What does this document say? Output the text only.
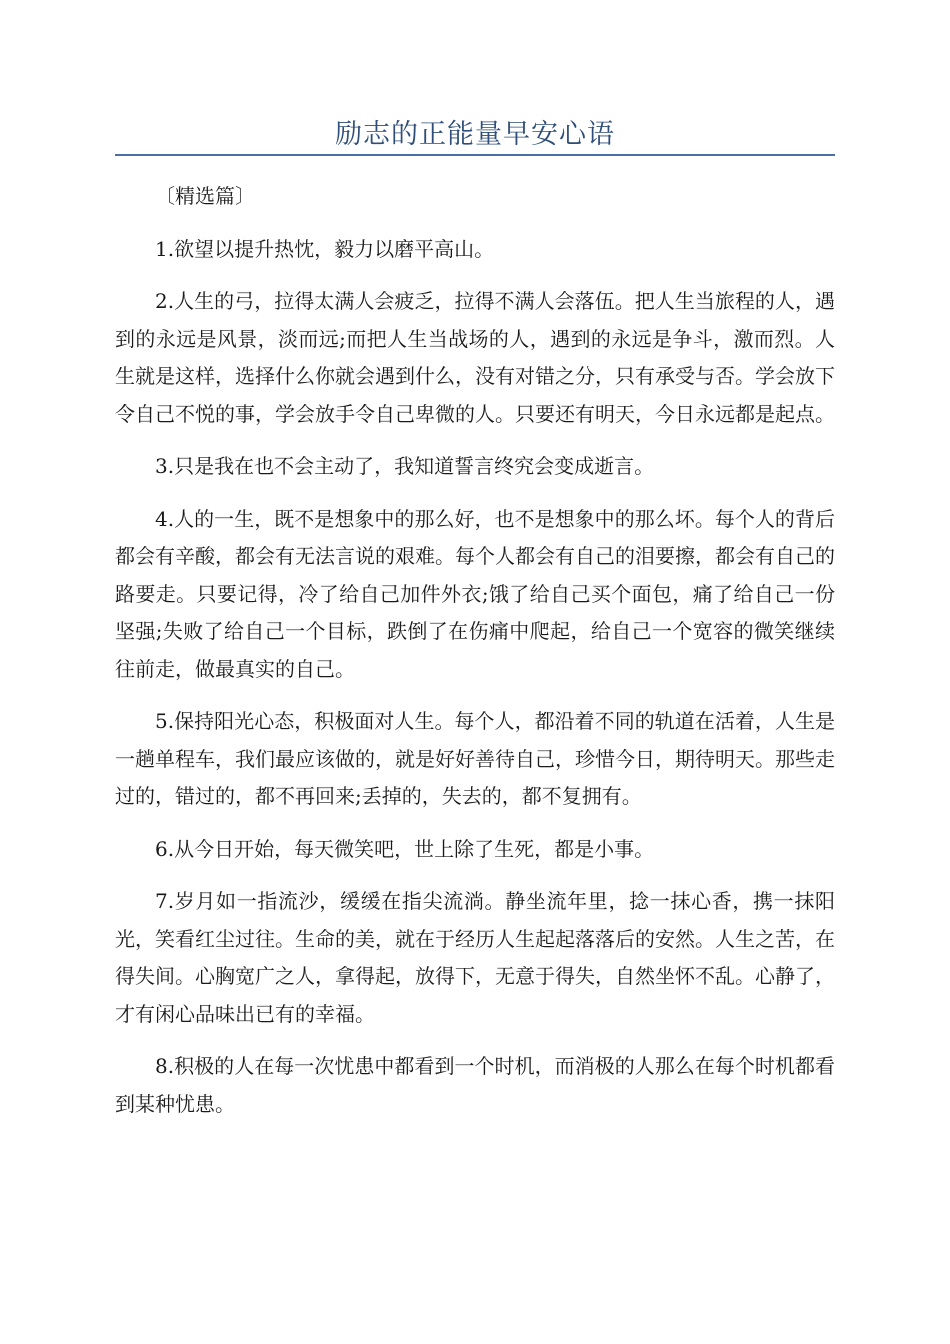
励志的正能量早安心语

〔精选篇〕

1.欲望以提升热忱，毅力以磨平高山。

2.人生的弓，拉得太满人会疲乏，拉得不满人会落伍。把人生当旅程的人，遇到的永远是风景，淡而远;而把人生当战场的人，遇到的永远是争斗，激而烈。人生就是这样，选择什么你就会遇到什么，没有对错之分，只有承受与否。学会放下令自己不悦的事，学会放手令自己卑微的人。只要还有明天，今日永远都是起点。

3.只是我在也不会主动了，我知道誓言终究会变成逝言。

4.人的一生，既不是想象中的那么好，也不是想象中的那么坏。每个人的背后都会有辛酸，都会有无法言说的艰难。每个人都会有自己的泪要擦，都会有自己的路要走。只要记得，冷了给自己加件外衣;饿了给自己买个面包，痛了给自己一份坚强;失败了给自己一个目标，跌倒了在伤痛中爬起，给自己一个宽容的微笑继续往前走，做最真实的自己。

5.保持阳光心态，积极面对人生。每个人，都沿着不同的轨道在活着，人生是一趟单程车，我们最应该做的，就是好好善待自己，珍惜今日，期待明天。那些走过的，错过的，都不再回来;丢掉的，失去的，都不复拥有。

6.从今日开始，每天微笑吧，世上除了生死，都是小事。

7.岁月如一指流沙，缓缓在指尖流淌。静坐流年里，捻一抹心香，携一抹阳光，笑看红尘过往。生命的美，就在于经历人生起起落落后的安然。人生之苦，在得失间。心胸宽广之人，拿得起，放得下，无意于得失，自然坐怀不乱。心静了，才有闲心品味出已有的幸福。

8.积极的人在每一次忧患中都看到一个时机，而消极的人那么在每个时机都看到某种忧患。
